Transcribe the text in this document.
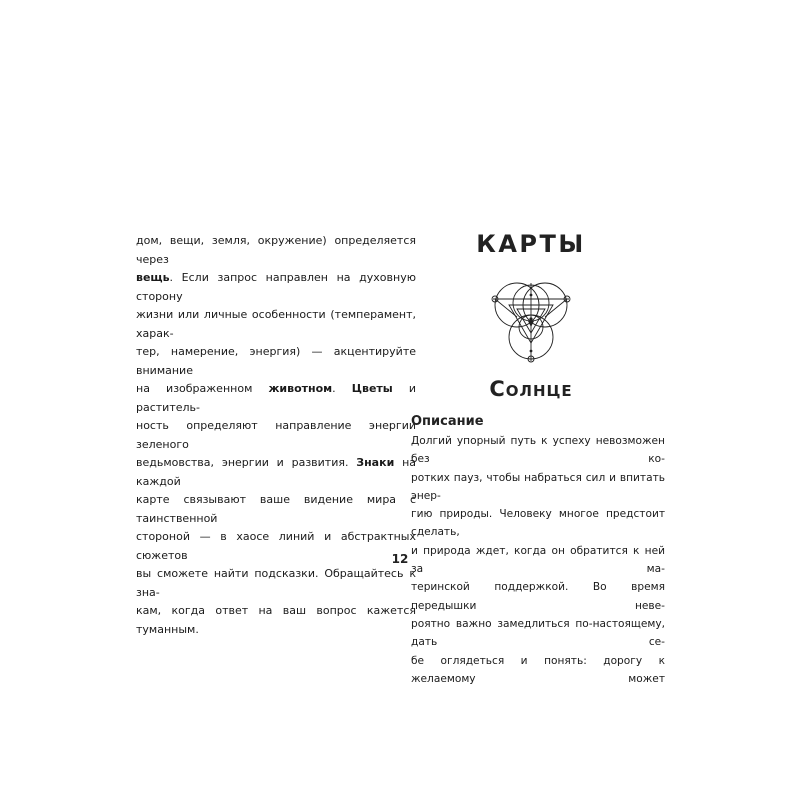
дом, вещи, земля, окружение) определяется через

вещь. Если запрос направлен на духовную сторону

жизни или личные особенности (темперамент, харак-

тер, намерение, энергия) — акцентируйте внимание

на изображенном животном. Цветы и раститель-

ность определяют направление энергии зеленого

ведьмовства, энергии и развития. Знаки на каждой

карте связывают ваше видение мира с таинственной

стороной — в хаосе линий и абстрактных сюжетов

вы сможете найти подсказки. Обращайтесь к зна-

кам, когда ответ на ваш вопрос кажется туманным.

КАРТЫ
Солнце
Описание

Долгий упорный путь к успеху невозможен без ко-

ротких пауз, чтобы набраться сил и впитать энер-

гию природы. Человеку многое предстоит сделать,

и природа ждет, когда он обратится к ней за ма-

теринской поддержкой. Во время передышки неве-

роятно важно замедлиться по-настоящему, дать се-

бе оглядеться и понять: дорогу к желаемому может

12
